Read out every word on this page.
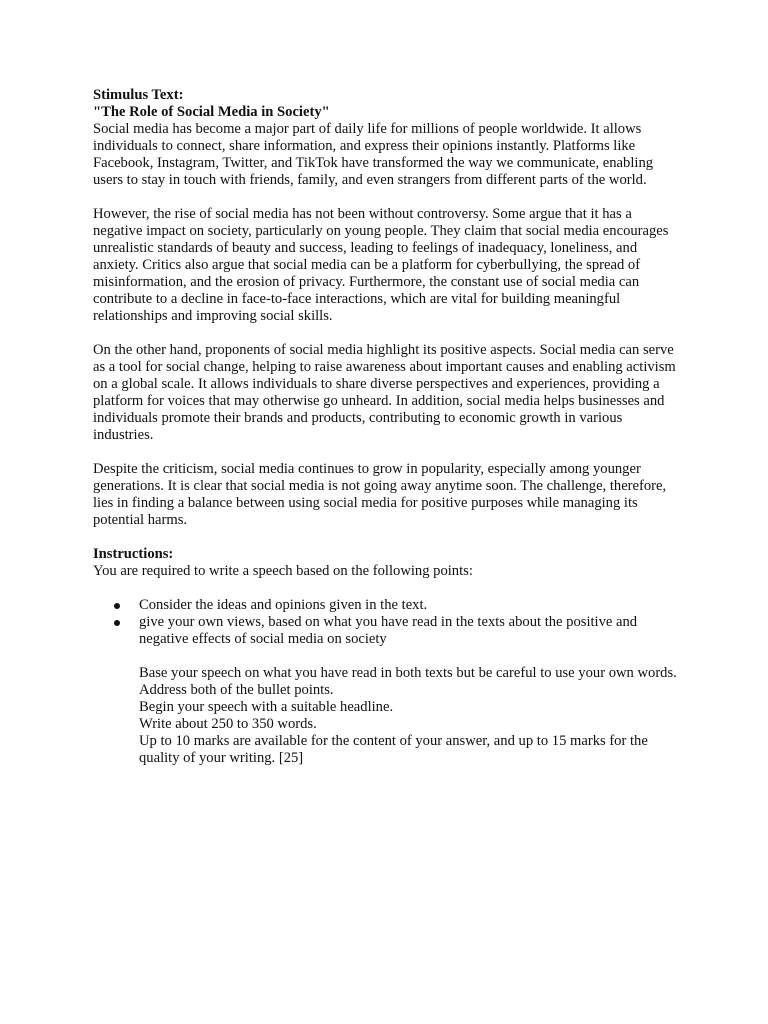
Stimulus Text:

"The Role of Social Media in Society"

Social media has become a major part of daily life for millions of people worldwide. It allows individuals to connect, share information, and express their opinions instantly. Platforms like Facebook, Instagram, Twitter, and TikTok have transformed the way we communicate, enabling users to stay in touch with friends, family, and even strangers from different parts of the world.

However, the rise of social media has not been without controversy. Some argue that it has a negative impact on society, particularly on young people. They claim that social media encourages unrealistic standards of beauty and success, leading to feelings of inadequacy, loneliness, and anxiety. Critics also argue that social media can be a platform for cyberbullying, the spread of misinformation, and the erosion of privacy. Furthermore, the constant use of social media can contribute to a decline in face-to-face interactions, which are vital for building meaningful relationships and improving social skills.

On the other hand, proponents of social media highlight its positive aspects. Social media can serve as a tool for social change, helping to raise awareness about important causes and enabling activism on a global scale. It allows individuals to share diverse perspectives and experiences, providing a platform for voices that may otherwise go unheard. In addition, social media helps businesses and individuals promote their brands and products, contributing to economic growth in various industries.

Despite the criticism, social media continues to grow in popularity, especially among younger generations. It is clear that social media is not going away anytime soon. The challenge, therefore, lies in finding a balance between using social media for positive purposes while managing its potential harms.

Instructions:

You are required to write a speech based on the following points:

Consider the ideas and opinions given in the text.
give your own views, based on what you have read in the texts about the positive and negative effects of social media on society

Base your speech on what you have read in both texts but be careful to use your own words.

Address both of the bullet points.

Begin your speech with a suitable headline.

Write about 250 to 350 words.

Up to 10 marks are available for the content of your answer, and up to 15 marks for the quality of your writing. [25]
